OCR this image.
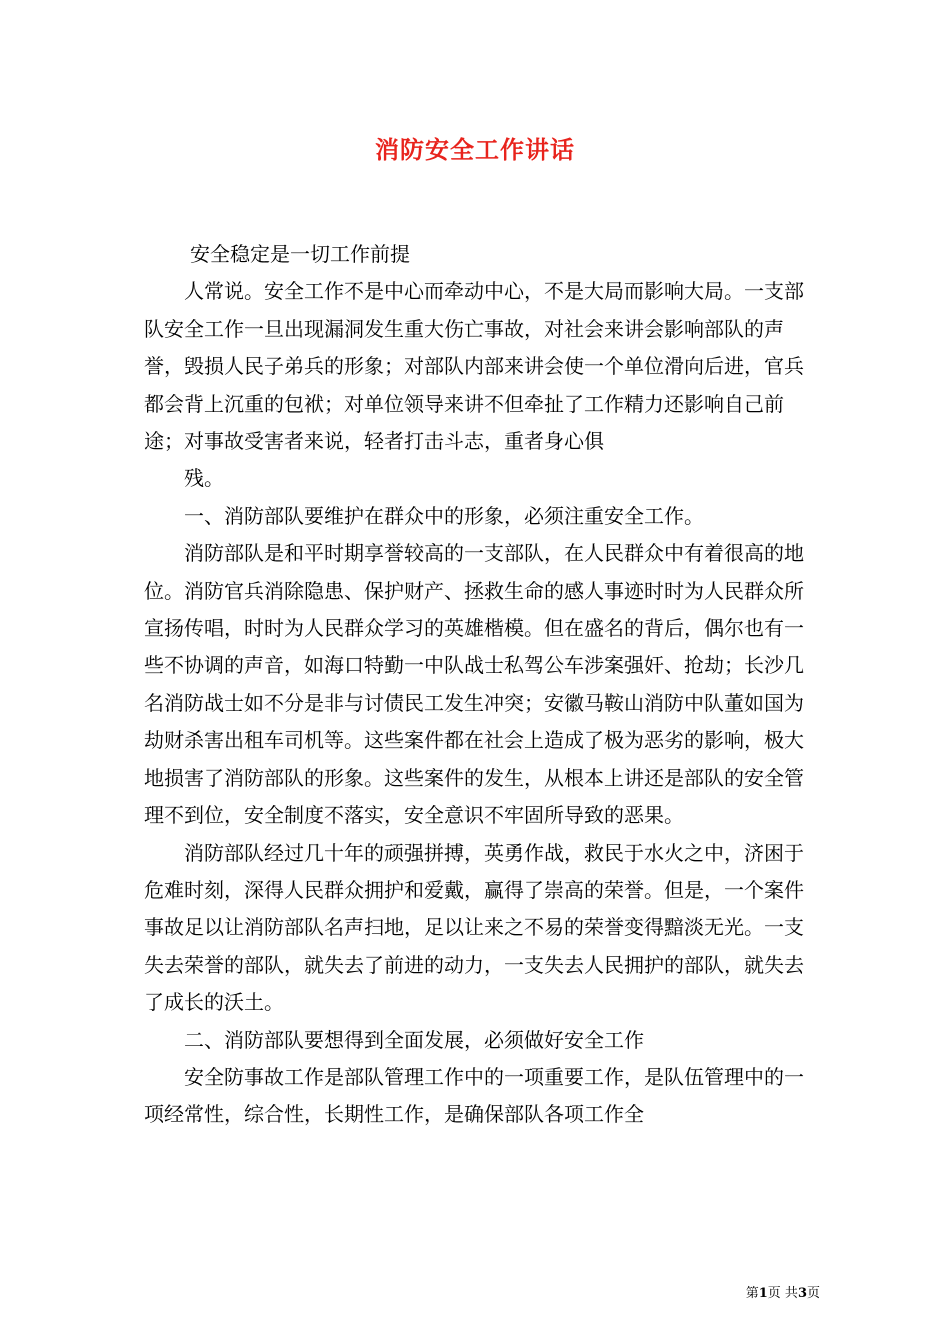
消防安全工作讲话

安全稳定是一切工作前提

人常说。安全工作不是中心而牵动中心，不是大局而影响大局。一支部队安全工作一旦出现漏洞发生重大伤亡事故，对社会来讲会影响部队的声誉，毁损人民子弟兵的形象；对部队内部来讲会使一个单位滑向后进，官兵都会背上沉重的包袱；对单位领导来讲不但牵扯了工作精力还影响自己前途；对事故受害者来说，轻者打击斗志，重者身心俱

残。

一、消防部队要维护在群众中的形象，必须注重安全工作。

消防部队是和平时期享誉较高的一支部队，在人民群众中有着很高的地位。消防官兵消除隐患、保护财产、拯救生命的感人事迹时时为人民群众所宣扬传唱，时时为人民群众学习的英雄楷模。但在盛名的背后，偶尔也有一些不协调的声音，如海口特勤一中队战士私驾公车涉案强奸、抢劫；长沙几名消防战士如不分是非与讨债民工发生冲突；安徽马鞍山消防中队董如国为劫财杀害出租车司机等。这些案件都在社会上造成了极为恶劣的影响，极大地损害了消防部队的形象。这些案件的发生，从根本上讲还是部队的安全管理不到位，安全制度不落实，安全意识不牢固所导致的恶果。

消防部队经过几十年的顽强拼搏，英勇作战，救民于水火之中，济困于危难时刻，深得人民群众拥护和爱戴，赢得了崇高的荣誉。但是，一个案件事故足以让消防部队名声扫地，足以让来之不易的荣誉变得黯淡无光。一支失去荣誉的部队，就失去了前进的动力，一支失去人民拥护的部队，就失去了成长的沃土。

二、消防部队要想得到全面发展，必须做好安全工作

安全防事故工作是部队管理工作中的一项重要工作，是队伍管理中的一项经常性，综合性，长期性工作，是确保部队各项工作全

第1页 共3页
